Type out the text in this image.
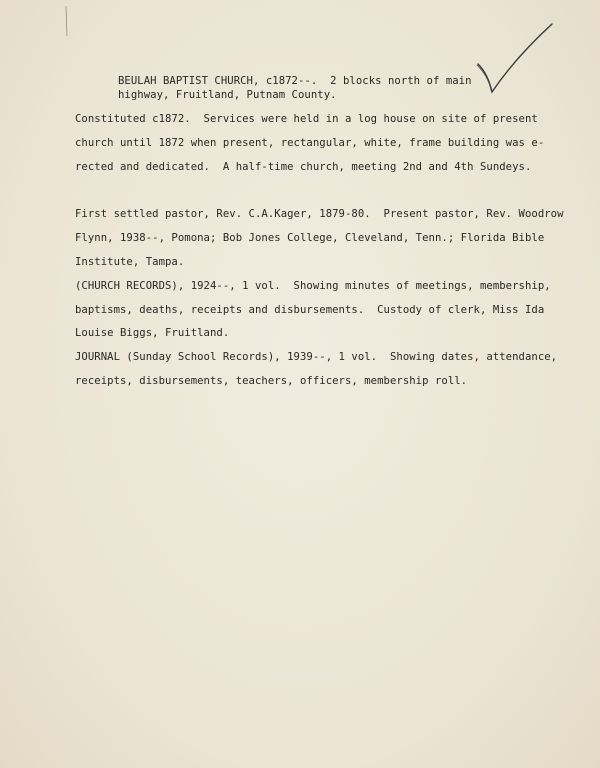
BEULAH BAPTIST CHURCH, c1872--.  2 blocks north of main
highway, Fruitland, Putnam County.
Constituted c1872.  Services were held in a log house on site of present
church until 1872 when present, rectangular, white, frame building was e-
rected and dedicated.  A half-time church, meeting 2nd and 4th Sundeys.
First settled pastor, Rev. C.A.Kager, 1879-80.  Present pastor, Rev. Woodrow
Flynn, 1938--, Pomona; Bob Jones College, Cleveland, Tenn.; Florida Bible
Institute, Tampa.
(CHURCH RECORDS), 1924--, 1 vol.  Showing minutes of meetings, membership,
baptisms, deaths, receipts and disbursements.  Custody of clerk, Miss Ida
Louise Biggs, Fruitland.
JOURNAL (Sunday School Records), 1939--, 1 vol.  Showing dates, attendance,
receipts, disbursements, teachers, officers, membership roll.
